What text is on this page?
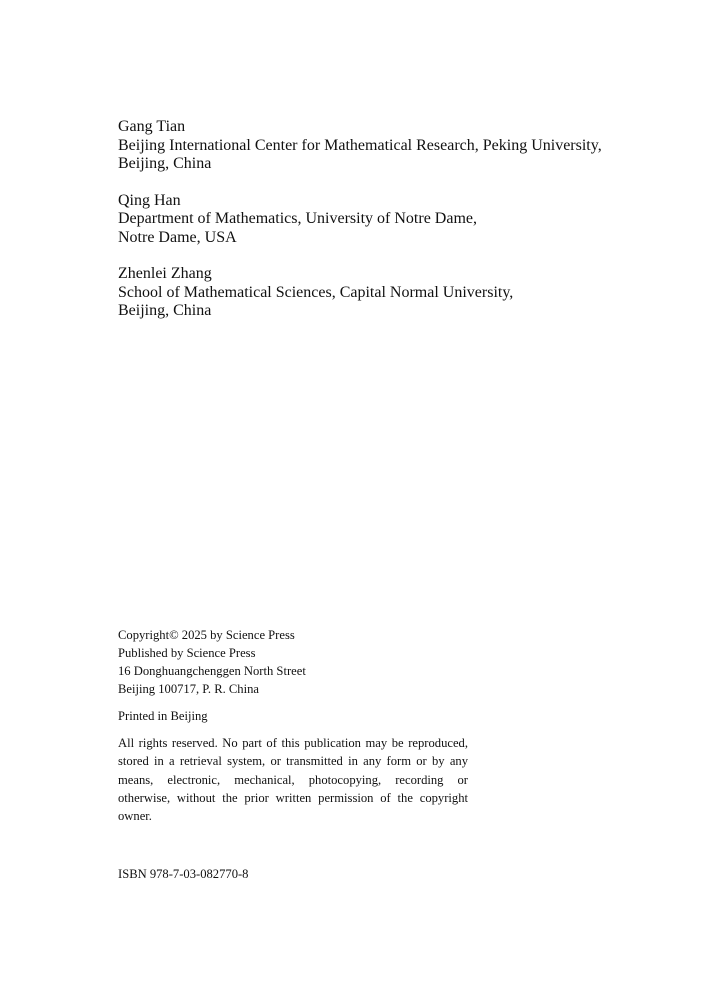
Gang Tian
Beijing International Center for Mathematical Research, Peking University,
Beijing, China
Qing Han
Department of Mathematics, University of Notre Dame,
Notre Dame, USA
Zhenlei Zhang
School of Mathematical Sciences, Capital Normal University,
Beijing, China
Copyright© 2025 by Science Press
Published by Science Press
16 Donghuangchenggen North Street
Beijing 100717, P. R. China
Printed in Beijing
All rights reserved. No part of this publication may be reproduced, stored in a retrieval system, or transmitted in any form or by any means, electronic, mechanical, photocopying, recording or otherwise, without the prior written permission of the copyright owner.
ISBN 978-7-03-082770-8
